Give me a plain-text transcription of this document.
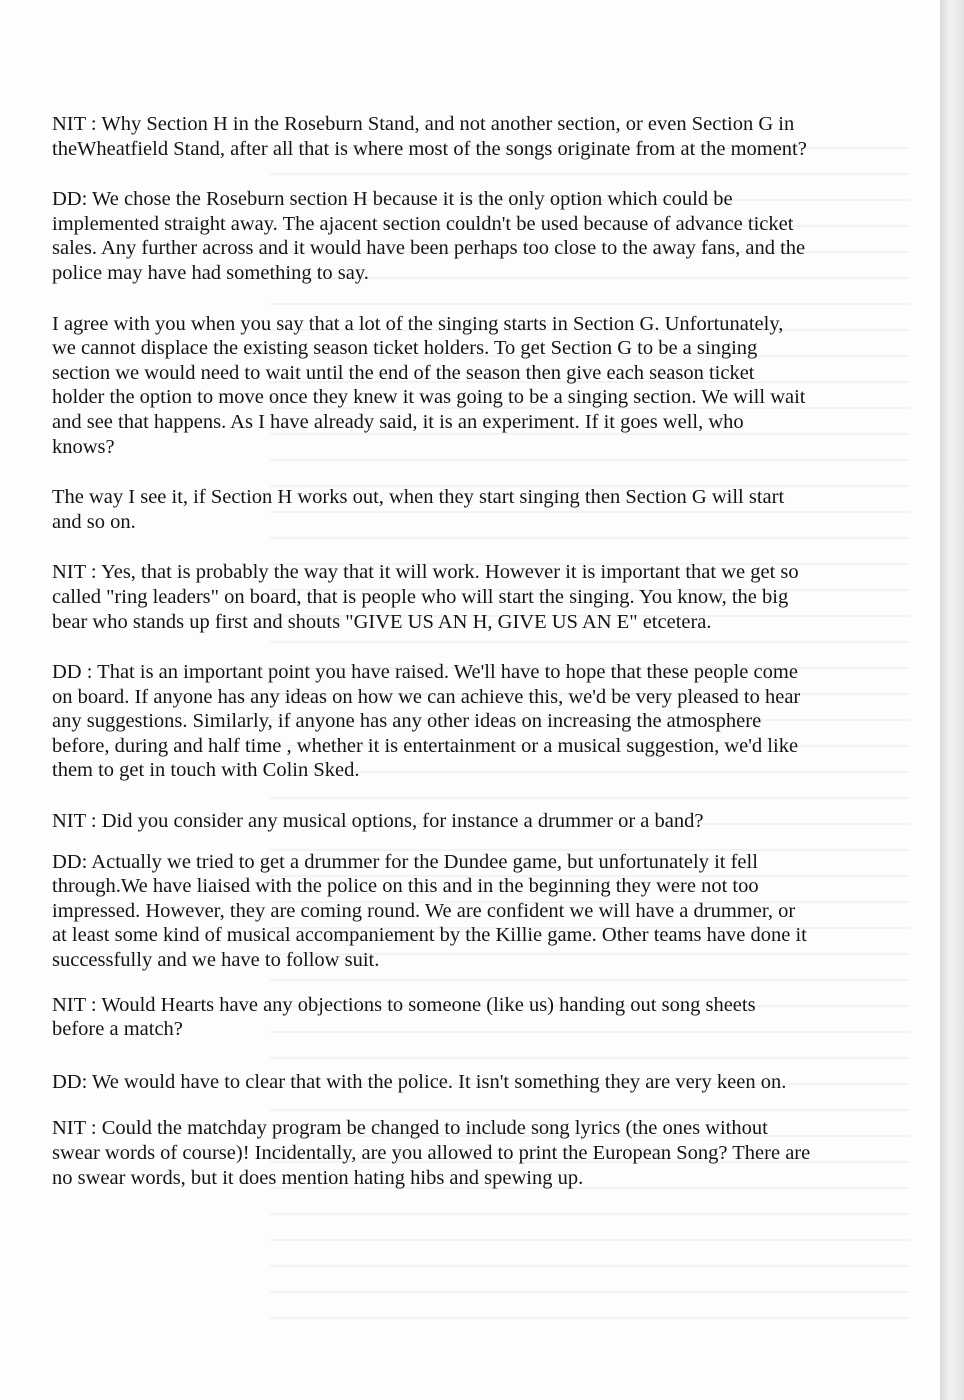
NIT : Why Section H in the Roseburn Stand, and not another section, or even Section G in
theWheatfield Stand, after all that is where most of the songs originate from at the moment?

DD: We chose the Roseburn section H because it is the only option which could be
implemented straight away. The ajacent section couldn't be used because of advance ticket
sales. Any further across and it would have been perhaps too close to the away fans, and the
police may have had something to say.

I agree with you when you say that a lot of the singing starts in Section G. Unfortunately,
we cannot displace the existing season ticket holders. To get Section G to be a singing
section we would need to wait until the end of the season then give each season ticket
holder the option to move once they knew it was going to be a singing section. We will wait
and see that happens. As I have already said, it is an experiment. If it goes well, who
knows?

The way I see it, if Section H works out, when they start singing then Section G will start
and so on.

NIT : Yes, that is probably the way that it will work. However it is important that we get so
called "ring leaders" on board, that is people who will start the singing. You know, the big
bear who stands up first and shouts "GIVE US AN H, GIVE US AN E" etcetera.

DD : That is an important point you have raised. We'll have to hope that these people come
on board. If anyone has any ideas on how we can achieve this, we'd be very pleased to hear
any suggestions. Similarly, if anyone has any other ideas on increasing the atmosphere
before, during and half time , whether it is entertainment or a musical suggestion, we'd like
them to get in touch with Colin Sked.

NIT : Did you consider any musical options, for instance a drummer or a band?

DD: Actually we tried to get a drummer for the Dundee game, but unfortunately it fell
through.We have liaised with the police on this and in the beginning they were not too
impressed. However, they are coming round. We are confident we will have a drummer, or
at least some kind of musical accompaniement by the Killie game. Other teams have done it
successfully and we have to follow suit.

NIT : Would Hearts have any objections to someone (like us) handing out song sheets
before a match?

DD: We would have to clear that with the police. It isn't something they are very keen on.

NIT : Could the matchday program be changed to include song lyrics (the ones without
swear words of course)! Incidentally, are you allowed to print the European Song? There are
no swear words, but it does mention hating hibs and spewing up.
